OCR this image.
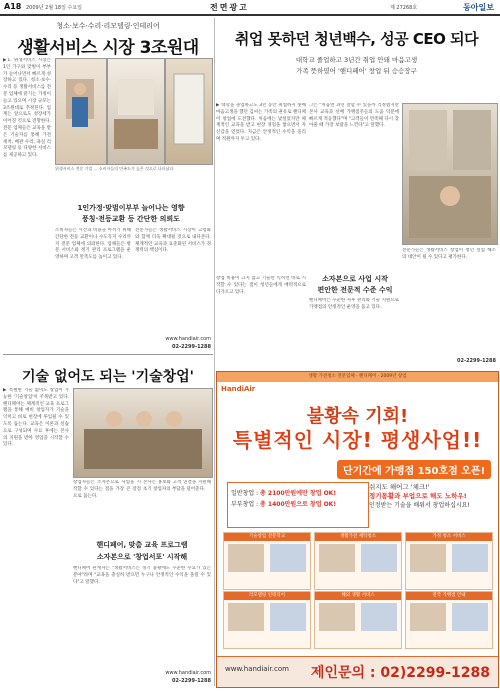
A18 2009년 2월 18일 수요일	전면광고	제 27268호	동아일보
청소·보수·수리·리모델링·인테리어
생활서비스 시장 3조원대
위생서비스 전문 기업 ... 소비자들의 만족도가 높은 것으로 나타났다
▶1. 위생서비스 시장은 1인 가구와 맞벌이 부부가 늘어나면서 빠르게 성장하고 있다. 청소·보수·수리 등 생활서비스를 전문 업체에 맡기는 가정이 늘고 있으며 시장 규모는 3조원대로 추정된다. 업계는 앞으로도 성장세가 이어질 것으로 전망한다. 전문 업체들은 교육을 받은 기술자를 통해 가전 세척, 배관 수리, 욕실 리모델링 등 다양한 서비스를 제공하고 있다.
1인가정·맞벌이부부 늘어나는 영향
풍칭·전등교환 등 간단한 의뢰도
소비자들은 시간과 비용을 아끼기 위해 간단한 전등 교환이나 수도꼭지 수리까지 전문 업체에 의뢰한다. 업체들은 방문 서비스와 정기 관리 프로그램을 운영하며 고객 만족도를 높이고 있다.
전문가들은 생활서비스 시장이 고령화와 함께 더욱 확대될 것으로 내다본다. 체계적인 교육과 표준화된 서비스가 경쟁력의 핵심이다.
www.handiair.com
02-2299-1288
기술 없어도 되는 '기술창업'
▶ 특별한 기술 없이도 창업이 가능한 '기술창업'이 주목받고 있다. 핸디페어는 체계적인 교육 프로그램을 통해 예비 창업자가 기술을 익히고 바로 현장에 투입될 수 있도록 돕는다. 교육은 이론과 실습으로 구성되며 수료 후에는 본사의 지원을 받아 영업을 시작할 수 있다.
핸디페어, 맞춤 교육 프로그램
소자본으로 '창업서포' 시작해
창업자들은 소자본으로 사업을 시작할 수 있다는 점을 가장 큰 장점으로 꼽는다.
본사는 홍보와 고객 연결을 지원해 초기 창업자의 부담을 덜어준다.
핸디페어 관계자는 "생활서비스는 경기 불황에도 꾸준한 수요가 있는 분야"라며 "교육을 충실히 받으면 누구나 안정적인 수익을 올릴 수 있다"고 말했다.
www.handiair.com
02-2299-1288
취업 못하던 청년백수, 성공 CEO 되다
대학교 졸업하고 3년간 취업 안돼 마음고생
가족 뜻하였어 '핸디페어' 창업 뒤 승승장구
▶ 대학을 졸업하고도 3년 동안 취업하지 못해 마음고생을 했던 김씨는 가족의 권유로 핸디페어 창업에 도전했다. 처음에는 낯설었지만 체계적인 교육을 받고 현장 경험을 쌓으면서 자신감을 얻었다. 지금은 안정적인 수익을 올리며 직원까지 두고 있다.
그는 "처음엔 과연 잘할 수 있을까 걱정했지만 본사 교육과 선배 가맹점주들의 도움 덕분에 빠르게 적응했다"며 "고객들이 만족해 다시 찾아줄 때 가장 보람을 느낀다"고 말했다.
소자본으로 사업 시작
편안한 전문적 수준 수익
창업 비용이 크지 않고 기술만 익히면 바로 시작할 수 있다는 점이 청년들에게 매력적으로 다가오고 있다.
핸디페어는 꾸준한 사후 관리와 기술 지원으로 가맹점의 안정적인 운영을 돕고 있다.
전문가들은 생활서비스 창업이 청년 실업 해소의 대안이 될 수 있다고 평가한다.
02-2299-1288
생활 가전청소 전문업체 · 핸디페어 · 2009년 창업
HandiAir
불황속 기회!
특별적인 시장! 평생사업!!
단기간에 가맹점 150호점 오픈!
일반창업 : 총 2100만원에만 창업 OK!
부부창업 : 총 1400만원으로 창업 OK!
쉬지도 해어그 '체크!'
정기통활과 부업으로 해도 노하우!
인정받는 기술을 배워서 창업하십시요!
기술창업 전문학교	생활가전 세탁청소	가정 청소 서비스
리모델링 인테리어	해외 생활 서비스	전국 가맹점 안내
www.handiair.com 제인문의 : 02)2299-1288
